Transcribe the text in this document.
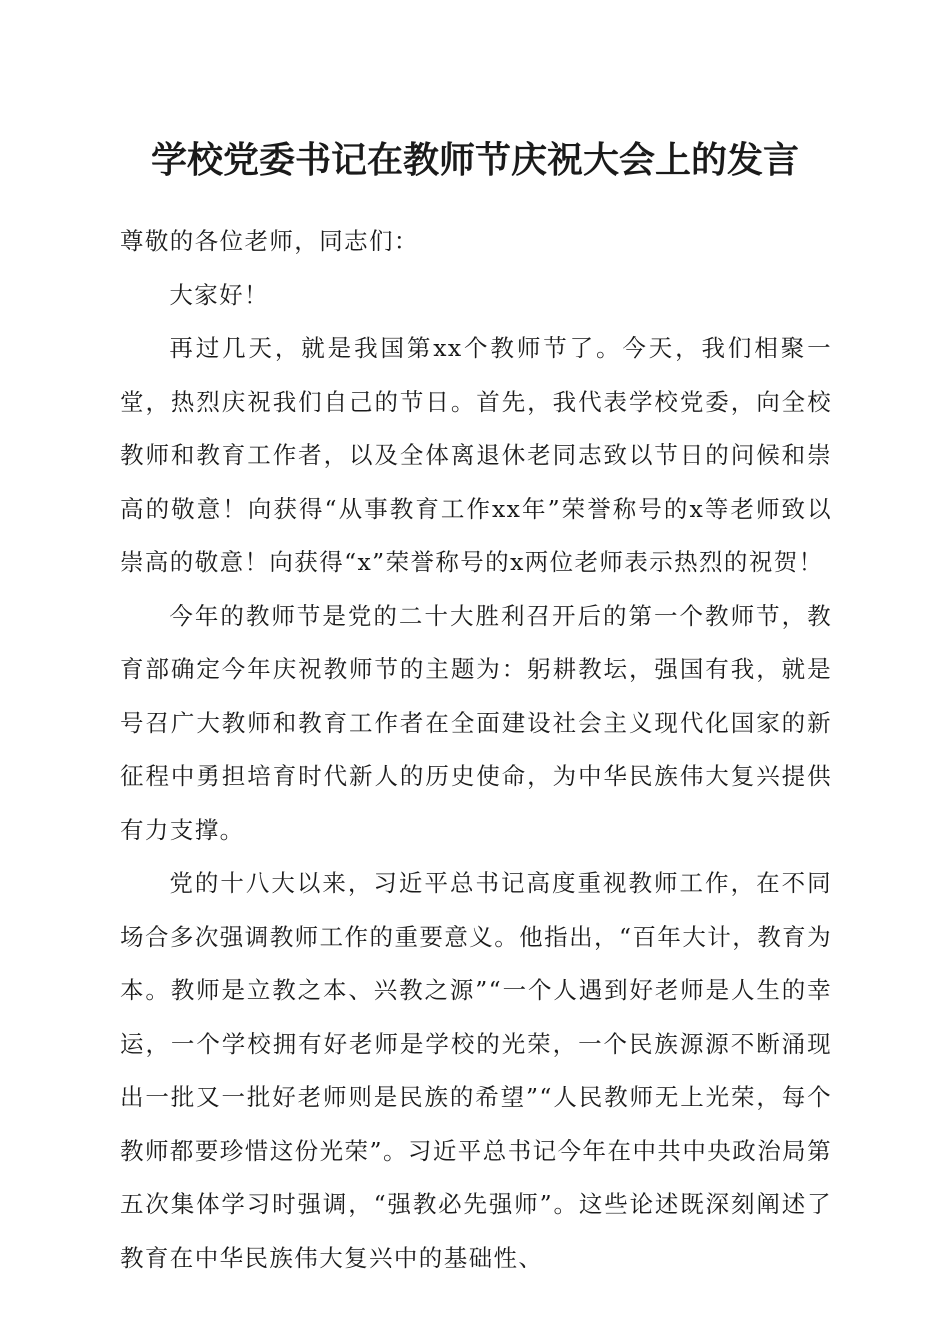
学校党委书记在教师节庆祝大会上的发言

尊敬的各位老师，同志们：

大家好！

再过几天，就是我国第xx个教师节了。今天，我们相聚一堂，热烈庆祝我们自己的节日。首先，我代表学校党委，向全校教师和教育工作者，以及全体离退休老同志致以节日的问候和崇高的敬意！向获得“从事教育工作xx年”荣誉称号的x等老师致以崇高的敬意！向获得“x”荣誉称号的x两位老师表示热烈的祝贺！

今年的教师节是党的二十大胜利召开后的第一个教师节，教育部确定今年庆祝教师节的主题为：躬耕教坛，强国有我，就是号召广大教师和教育工作者在全面建设社会主义现代化国家的新征程中勇担培育时代新人的历史使命，为中华民族伟大复兴提供有力支撑。

党的十八大以来，习近平总书记高度重视教师工作，在不同场合多次强调教师工作的重要意义。他指出，“百年大计，教育为本。教师是立教之本、兴教之源”“一个人遇到好老师是人生的幸运，一个学校拥有好老师是学校的光荣，一个民族源源不断涌现出一批又一批好老师则是民族的希望”“人民教师无上光荣，每个教师都要珍惜这份光荣”。习近平总书记今年在中共中央政治局第五次集体学习时强调，“强教必先强师”。这些论述既深刻阐述了教育在中华民族伟大复兴中的基础性、
